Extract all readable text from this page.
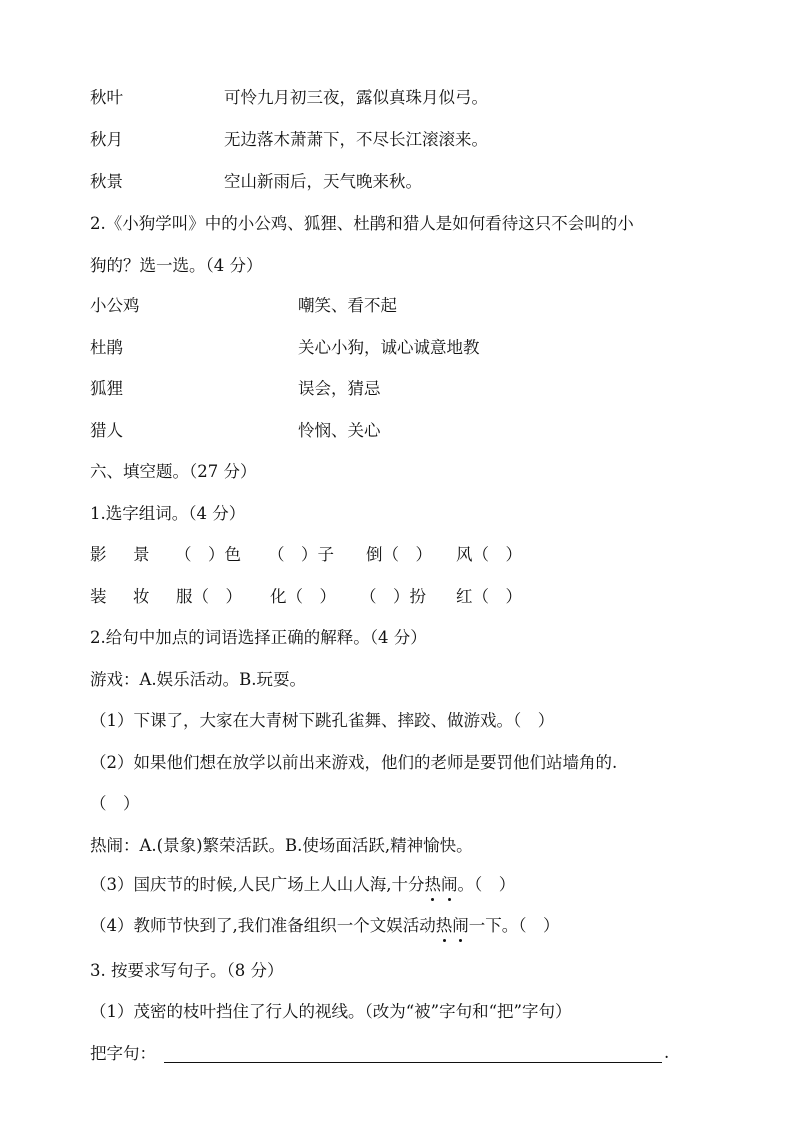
秋叶	可怜九月初三夜，露似真珠月似弓。
秋月	无边落木萧萧下，不尽长江滚滚来。
秋景	空山新雨后，天气晚来秋。
2.《小狗学叫》中的小公鸡、狐狸、杜鹃和猎人是如何看待这只不会叫的小
狗的？选一选。（4 分）
小公鸡	嘲笑、看不起
杜鹃	关心小狗，诚心诚意地教
狐狸	误会，猜忌
猎人	怜悯、关心
六、填空题。（27 分）
1.选字组词。（4 分）
影 景 （　）色 （　）子 倒（　） 风（　）
装 妆 服（　） 化（　） （　）扮 红（　）
2.给句中加点的词语选择正确的解释。（4 分）
游戏：A.娱乐活动。B.玩耍。
（1）下课了，大家在大青树下跳孔雀舞、摔跤、做游戏。（　）
（2）如果他们想在放学以前出来游戏，他们的老师是要罚他们站墙角的.
（　）
热闹：A.(景象)繁荣活跃。B.使场面活跃,精神愉快。
（3）国庆节的时候,人民广场上人山人海,十分热闹。（　）
（4）教师节快到了,我们准备组织一个文娱活动热闹一下。（　）
3. 按要求写句子。（8 分）
（1）茂密的枝叶挡住了行人的视线。（改为“被”字句和“把”字句）
把字句：	.
